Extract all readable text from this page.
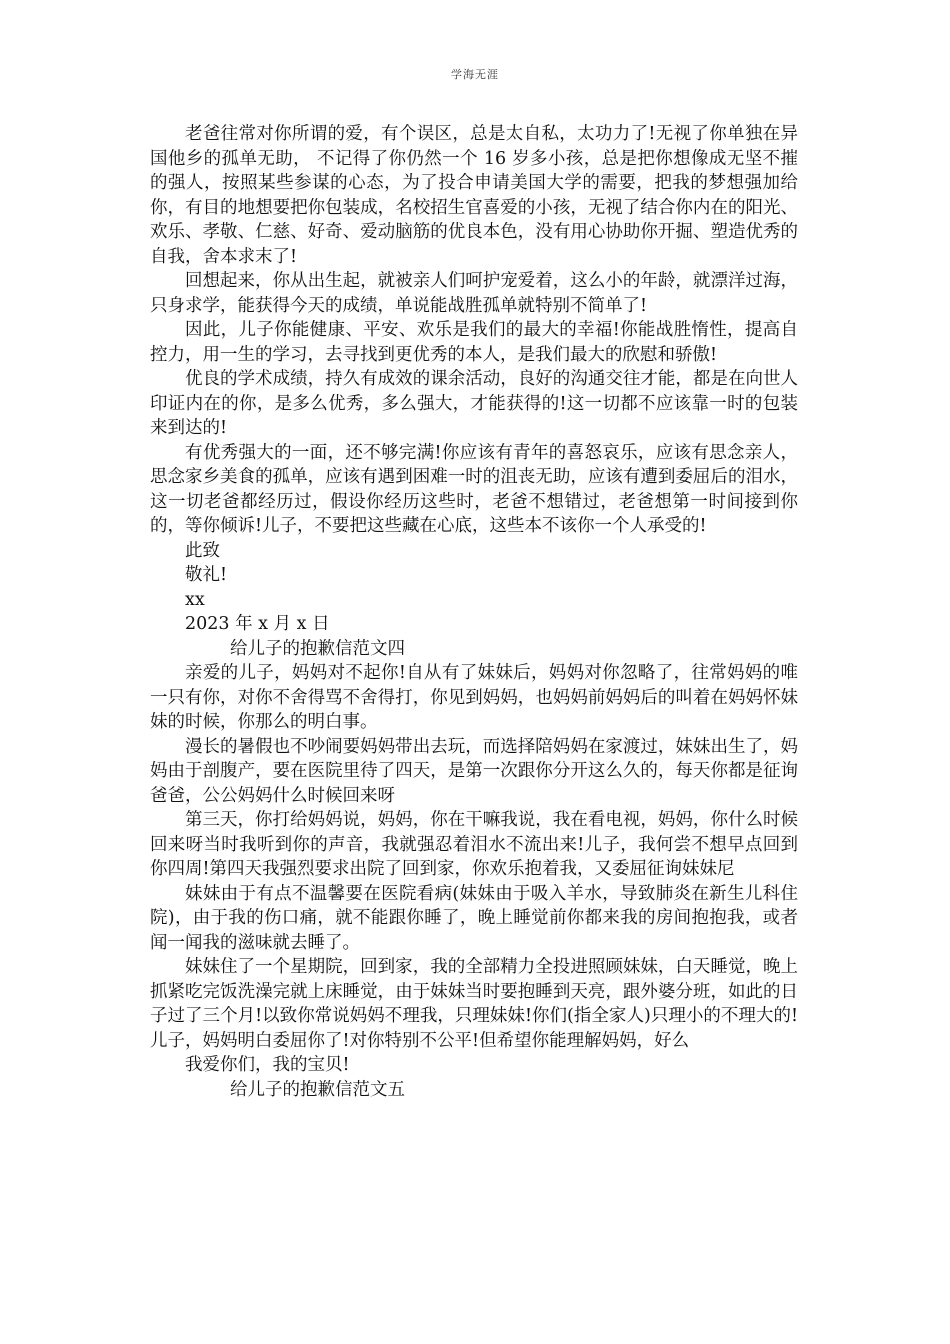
学海无涯

老爸往常对你所谓的爱，有个误区，总是太自私，太功力了!无视了你单独在异国他乡的孤单无助， 不记得了你仍然一个 16 岁多小孩，总是把你想像成无坚不摧的强人，按照某些参谋的心态，为了投合申请美国大学的需要，把我的梦想强加给你，有目的地想要把你包装成，名校招生官喜爱的小孩，无视了结合你内在的阳光、欢乐、孝敬、仁慈、好奇、爱动脑筋的优良本色，没有用心协助你开掘、塑造优秀的自我，舍本求末了!

回想起来，你从出生起，就被亲人们呵护宠爱着，这么小的年龄，就漂洋过海，只身求学，能获得今天的成绩，单说能战胜孤单就特别不简单了!

因此，儿子你能健康、平安、欢乐是我们的最大的幸福!你能战胜惰性，提高自控力，用一生的学习，去寻找到更优秀的本人，是我们最大的欣慰和骄傲!

优良的学术成绩，持久有成效的课余活动，良好的沟通交往才能，都是在向世人印证内在的你，是多么优秀，多么强大，才能获得的!这一切都不应该靠一时的包装来到达的!

有优秀强大的一面，还不够完满!你应该有青年的喜怒哀乐，应该有思念亲人，思念家乡美食的孤单，应该有遇到困难一时的沮丧无助，应该有遭到委屈后的泪水，这一切老爸都经历过，假设你经历这些时，老爸不想错过，老爸想第一时间接到你的，等你倾诉!儿子，不要把这些藏在心底，这些本不该你一个人承受的!

此致

敬礼!

xx

2023 年 x 月 x 日

给儿子的抱歉信范文四

亲爱的儿子，妈妈对不起你!自从有了妹妹后，妈妈对你忽略了，往常妈妈的唯一只有你，对你不舍得骂不舍得打，你见到妈妈，也妈妈前妈妈后的叫着在妈妈怀妹妹的时候，你那么的明白事。

漫长的暑假也不吵闹要妈妈带出去玩，而选择陪妈妈在家渡过，妹妹出生了，妈妈由于剖腹产，要在医院里待了四天，是第一次跟你分开这么久的，每天你都是征询爸爸，公公妈妈什么时候回来呀

第三天，你打给妈妈说，妈妈，你在干嘛我说，我在看电视，妈妈，你什么时候回来呀当时我听到你的声音，我就强忍着泪水不流出来!儿子，我何尝不想早点回到你四周!第四天我强烈要求出院了回到家，你欢乐抱着我，又委屈征询妹妹尼

妹妹由于有点不温馨要在医院看病(妹妹由于吸入羊水，导致肺炎在新生儿科住院)，由于我的伤口痛，就不能跟你睡了，晚上睡觉前你都来我的房间抱抱我，或者闻一闻我的滋味就去睡了。

妹妹住了一个星期院，回到家，我的全部精力全投进照顾妹妹，白天睡觉，晚上抓紧吃完饭洗澡完就上床睡觉，由于妹妹当时要抱睡到天亮，跟外婆分班，如此的日子过了三个月!以致你常说妈妈不理我，只理妹妹!你们(指全家人)只理小的不理大的!儿子，妈妈明白委屈你了!对你特别不公平!但希望你能理解妈妈，好么

我爱你们，我的宝贝!

给儿子的抱歉信范文五
